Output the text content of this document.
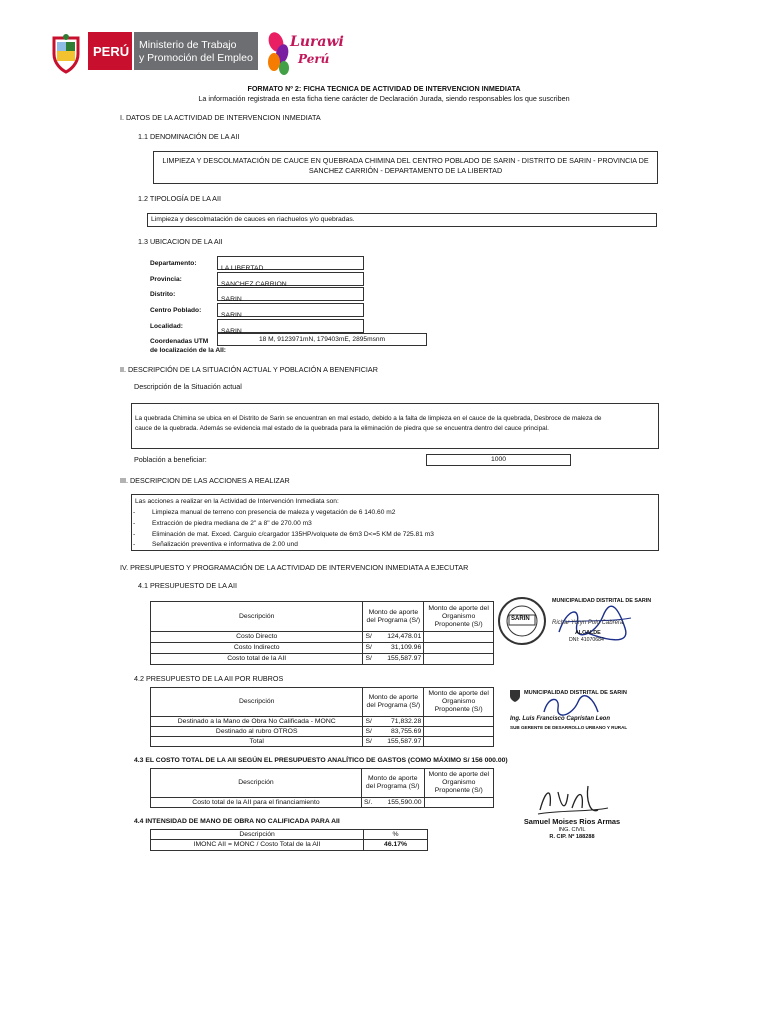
PERÚ Ministerio de Trabajo
y Promoción del Empleo
Lurawi
Perú
FORMATO Nº 2: FICHA TECNICA DE ACTIVIDAD DE INTERVENCION INMEDIATA
La información registrada en esta ficha tiene carácter de Declaración Jurada, siendo responsables los que suscriben
I. DATOS DE LA ACTIVIDAD DE INTERVENCION INMEDIATA
1.1 DENOMINACIÓN DE LA AII
LIMPIEZA Y DESCOLMATACIÓN DE CAUCE EN QUEBRADA CHIMINA DEL CENTRO POBLADO DE SARIN - DISTRITO DE SARIN - PROVINCIA DE SANCHEZ CARRIÓN - DEPARTAMENTO DE LA LIBERTAD
1.2 TIPOLOGÍA DE LA AII
Limpieza y descolmatación de cauces en riachuelos y/o quebradas.
1.3 UBICACION DE LA AII
Departamento:
LA LIBERTAD
Provincia:
SANCHEZ CARRION
Distrito:
SARIN
Centro Poblado:
SARIN
Localidad:
SARIN
Coordenadas UTM
de localización de la AII:
18 M, 9123971mN, 179403mE, 2895msnm
II. DESCRIPCIÓN DE LA SITUACIÓN ACTUAL Y POBLACIÓN A BENENFICIAR
Descripción de la Situación actual
La quebrada Chimina se ubica en el Distrito de Sarin se encuentran en mal estado, debido a la falta de limpieza en el cauce de la quebrada, Desbroce de maleza de
cauce de la quebrada. Además se evidencia mal estado de la quebrada para la eliminación de piedra que se encuentra dentro del cauce principal.
Población a beneficiar:	1000
III. DESCRIPCION DE LAS ACCIONES A REALIZAR
Las acciones a realizar en la Actividad de Intervención Inmediata son:
-	Limpieza manual de terreno con presencia de maleza y vegetación de 6 140.60 m2
-	Extracción de piedra mediana de 2" a 8" de 270.00 m3
-	Eliminación de mat. Exced. Carguio c/cargador 135HP/volquete de 6m3 D<=5 KM de 725.81 m3
-	Señalización preventiva e informativa de 2.00 und
IV. PRESUPUESTO Y PROGRAMACIÓN DE LA ACTIVIDAD DE INTERVENCION INMEDIATA A EJECUTAR
4.1 PRESUPUESTO DE LA AII
Descripción	Monto de aporte del Programa (S/)		Monto de aporte del Organismo Proponente (S/)
Costo Directo	S/	124,478.01	
Costo Indirecto	S/	31,109.96	
Costo total de la AII	S/	155,587.97	
4.2 PRESUPUESTO DE LA AII POR RUBROS
Descripción	Monto de aporte del Programa (S/)		Monto de aporte del Organismo Proponente (S/)
Destinado a la Mano de Obra No Calificada - MONC	S/	71,832.28	
Destinado al rubro OTROS	S/	83,755.69	
Total	S/	155,587.97	
4.3 EL COSTO TOTAL DE LA AII SEGÚN EL PRESUPUESTO ANALÍTICO DE GASTOS (COMO MÁXIMO S/ 156 000.00)
Descripción	Monto de aporte del Programa (S/)		Monto de aporte del Organismo Proponente (S/)
Costo total de la AII para el financiamiento	S/.	155,590.00	
4.4 INTENSIDAD DE MANO DE OBRA NO CALIFICADA PARA AII
Descripción	%
IMONC AII = MONC / Costo Total de la AII	46.17%
SARIN
MUNICIPALIDAD DISTRITAL DE SARIN
Richar Yoryn Polo Cabrera
ALCALDE
DNI: 41070684
MUNICIPALIDAD DISTRITAL DE SARIN
Ing. Luis Francisco Capristan Leon
SUB GERENTE DE DESARROLLO URBANO Y RURAL
Samuel Moises Rios Armas
ING. CIVIL
R. CIP. Nº 188288
